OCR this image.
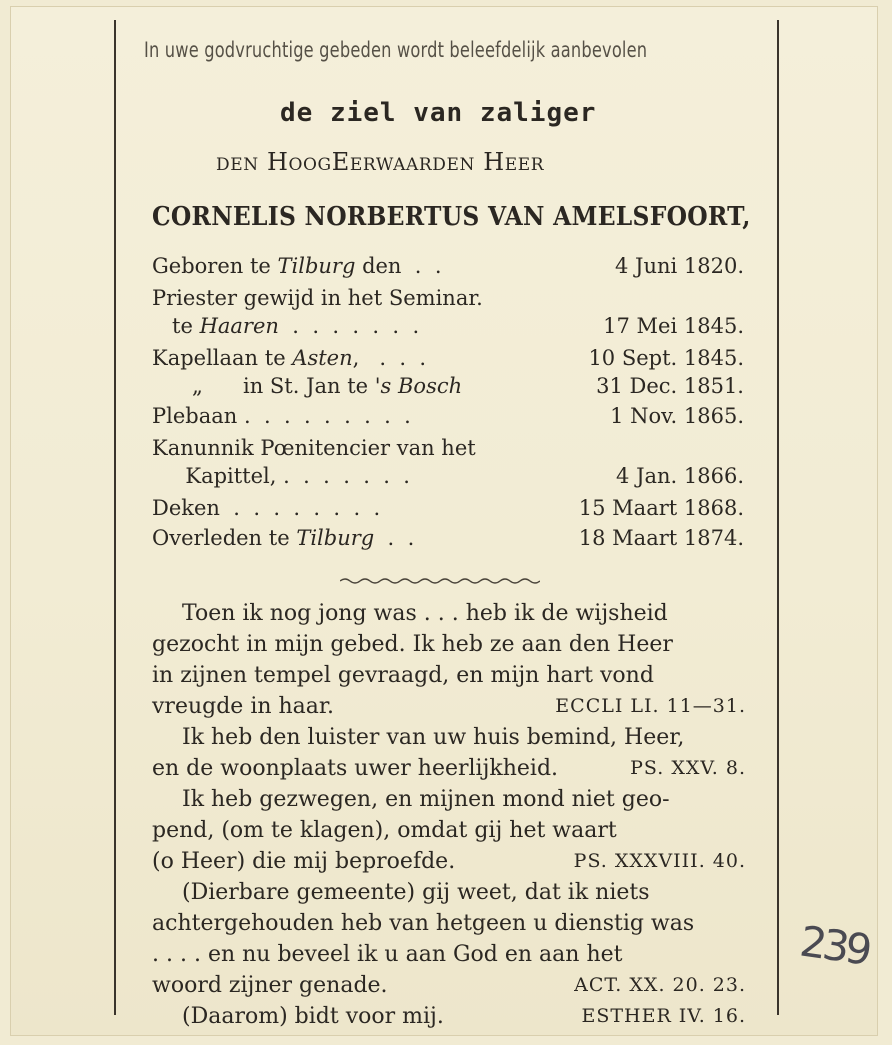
In uwe godvruchtige gebeden wordt beleefdelijk aanbevolen
de ziel van zaliger
den HoogEerwaarden Heer
CORNELIS NORBERTUS VAN AMELSFOORT,
Geboren te Tilburg den  .  .	4 Juni 1820.
Priester gewijd in het Seminar.
te Haaren  .  .  .  .  .  .  .	17 Mei 1845.
Kapellaan te Asten,   .  .  .	10 Sept. 1845.
„      in St. Jan te 's Bosch	31 Dec. 1851.
Plebaan .  .  .  .  .  .  .  .  .	1 Nov. 1865.
Kanunnik Pœnitencier van het
Kapittel, .  .  .  .  .  .  .	4 Jan. 1866.
Deken  .  .  .  .  .  .  .  .	15 Maart 1868.
Overleden te Tilburg  .  .	18 Maart 1874.
Toen ik nog jong was . . . heb ik de wijsheid
gezocht in mijn gebed. Ik heb ze aan den Heer
in zijnen tempel gevraagd, en mijn hart vond
vreugde in haar.	ECCLI LI. 11—31.
Ik heb den luister van uw huis bemind, Heer,
en de woonplaats uwer heerlijkheid.	PS. XXV. 8.
Ik heb gezwegen, en mijnen mond niet geo-
pend, (om te klagen), omdat gij het waart
(o Heer) die mij beproefde.	PS. XXXVIII. 40.
(Dierbare gemeente) gij weet, dat ik niets
achtergehouden heb van hetgeen u dienstig was
. . . . en nu beveel ik u aan God en aan het
woord zijner genade.	ACT. XX. 20. 23.
(Daarom) bidt voor mij.	ESTHER IV. 16.
239
